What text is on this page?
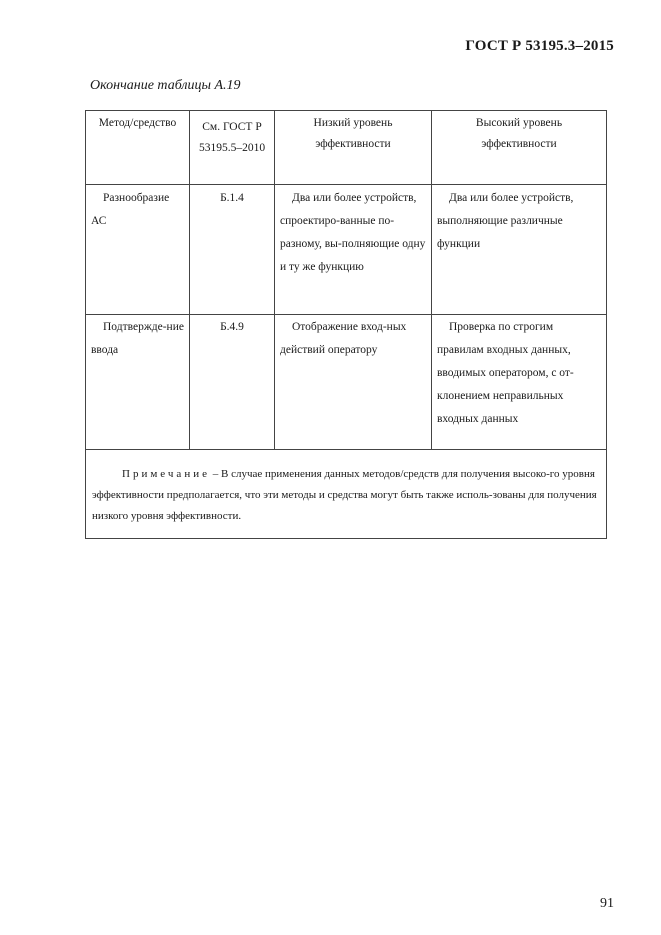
ГОСТ Р 53195.3–2015
Окончание таблицы А.19
Метод/средство	См. ГОСТ Р 53195.5–2010	Низкий уровень эффективности	Высокий уровень эффективности
Разнообразие АС	Б.1.4	Два или более устройств, спроектиро-ванные по-разному, вы-полняющие одну и ту же функцию	Два или более устройств, выполняющие различные функции
Подтвержде-ние ввода	Б.4.9	Отображение вход-ных действий оператору	Проверка по строгим правилам входных данных, вводимых оператором, с от-клонением неправильных входных данных
Примечание – В случае применения данных методов/средств для получения высоко-го уровня эффективности предполагается, что эти методы и средства могут быть также исполь-зованы для получения низкого уровня эффективности.			
91
